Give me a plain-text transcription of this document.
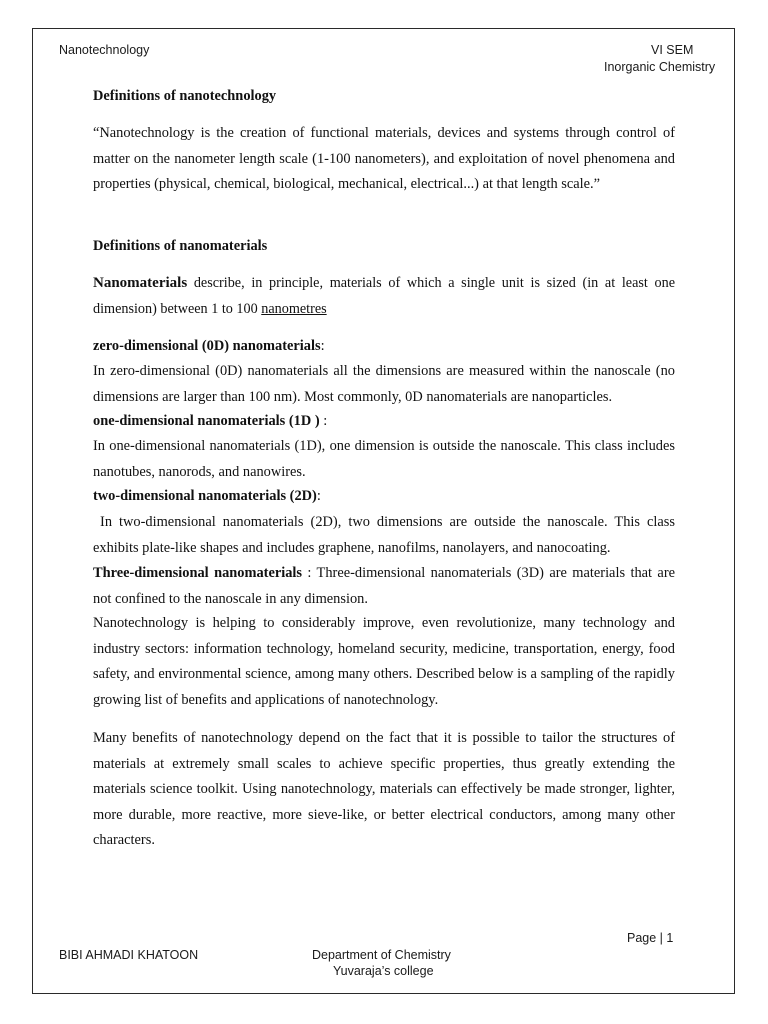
Nanotechnology	VI SEM
Inorganic Chemistry

Definitions of nanotechnology

“Nanotechnology is the creation of functional materials, devices and systems through control of matter on the nanometer length scale (1-100 nanometers), and exploitation of novel phenomena and properties (physical, chemical, biological, mechanical, electrical...) at that length scale.”

Definitions of nanomaterials

Nanomaterials describe, in principle, materials of which a single unit is sized (in at least one dimension) between 1 to 100 nanometres

zero-dimensional (0D) nanomaterials:

In zero-dimensional (0D) nanomaterials all the dimensions are measured within the nanoscale (no dimensions are larger than 100 nm). Most commonly, 0D nanomaterials are nanoparticles.

one-dimensional nanomaterials (1D ) :

In one-dimensional nanomaterials (1D), one dimension is outside the nanoscale. This class includes nanotubes, nanorods, and nanowires.

two-dimensional nanomaterials (2D):

In two-dimensional nanomaterials (2D), two dimensions are outside the nanoscale. This class exhibits plate-like shapes and includes graphene, nanofilms, nanolayers, and nanocoating.

Three-dimensional nanomaterials : Three-dimensional nanomaterials (3D) are materials that are not confined to the nanoscale in any dimension.

Nanotechnology is helping to considerably improve, even revolutionize, many technology and industry sectors: information technology, homeland security, medicine, transportation, energy, food safety, and environmental science, among many others. Described below is a sampling of the rapidly growing list of benefits and applications of nanotechnology.

Many benefits of nanotechnology depend on the fact that it is possible to tailor the structures of materials at extremely small scales to achieve specific properties, thus greatly extending the materials science toolkit. Using nanotechnology, materials can effectively be made stronger, lighter, more durable, more reactive, more sieve-like, or better electrical conductors, among many other characters.

Page | 1
BIBI AHMADI KHATOON	Department of Chemistry
Yuvaraja’s college
